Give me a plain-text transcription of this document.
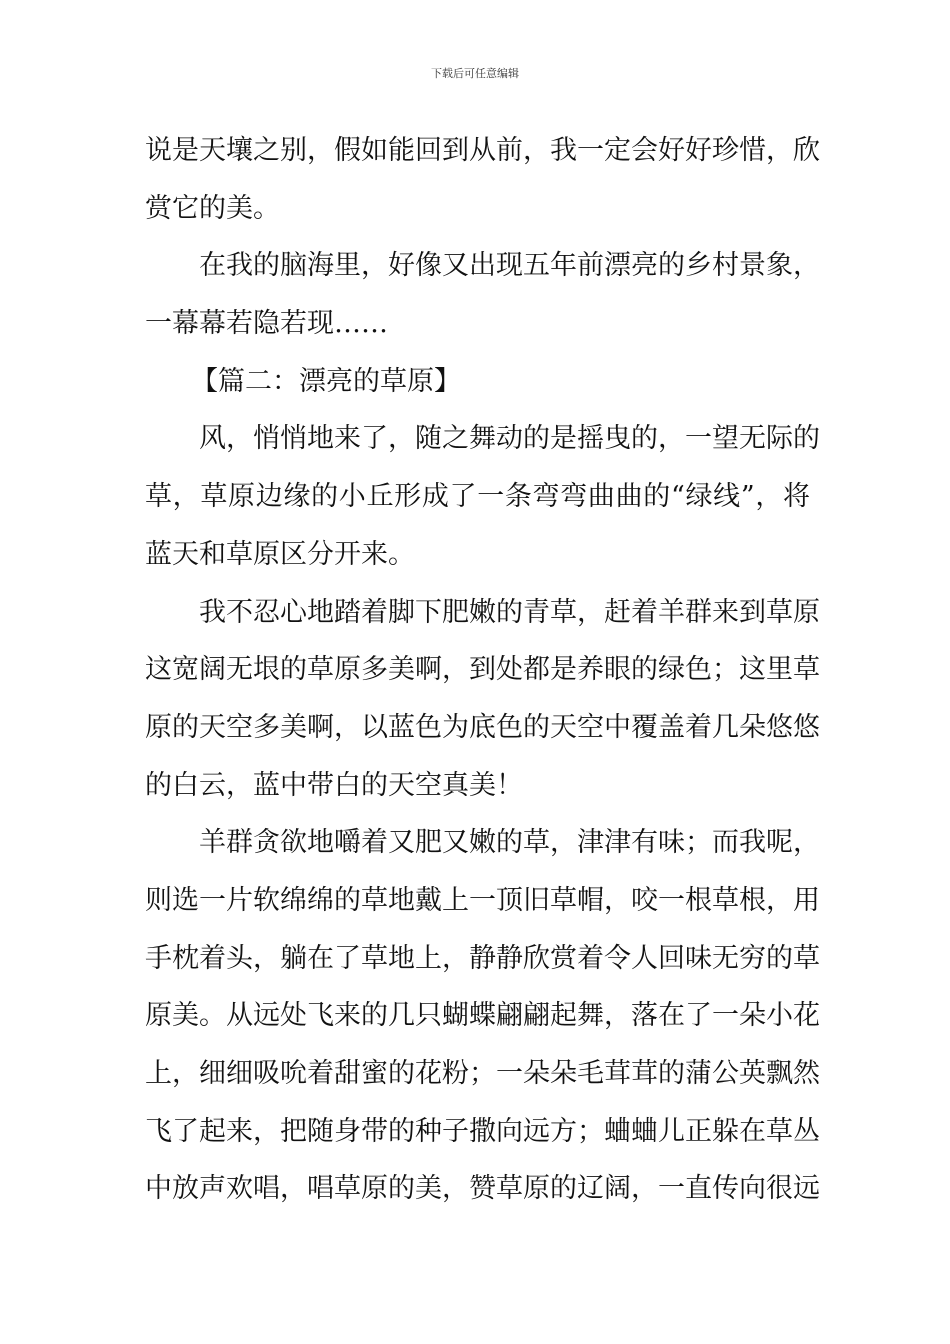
下载后可任意编辑
说是天壤之别，假如能回到从前，我一定会好好珍惜，欣
赏它的美。
在我的脑海里，好像又出现五年前漂亮的乡村景象，
一幕幕若隐若现……
【篇二：漂亮的草原】
风，悄悄地来了，随之舞动的是摇曳的，一望无际的
草，草原边缘的小丘形成了一条弯弯曲曲的“绿线”，将
蓝天和草原区分开来。
我不忍心地踏着脚下肥嫩的青草，赶着羊群来到草原
这宽阔无垠的草原多美啊，到处都是养眼的绿色；这里草
原的天空多美啊，以蓝色为底色的天空中覆盖着几朵悠悠
的白云，蓝中带白的天空真美！
羊群贪欲地嚼着又肥又嫩的草，津津有味；而我呢，
则选一片软绵绵的草地戴上一顶旧草帽，咬一根草根，用
手枕着头，躺在了草地上，静静欣赏着令人回味无穷的草
原美。从远处飞来的几只蝴蝶翩翩起舞，落在了一朵小花
上，细细吸吮着甜蜜的花粉；一朵朵毛茸茸的蒲公英飘然
飞了起来，把随身带的种子撒向远方；蛐蛐儿正躲在草丛
中放声欢唱，唱草原的美，赞草原的辽阔，一直传向很远
